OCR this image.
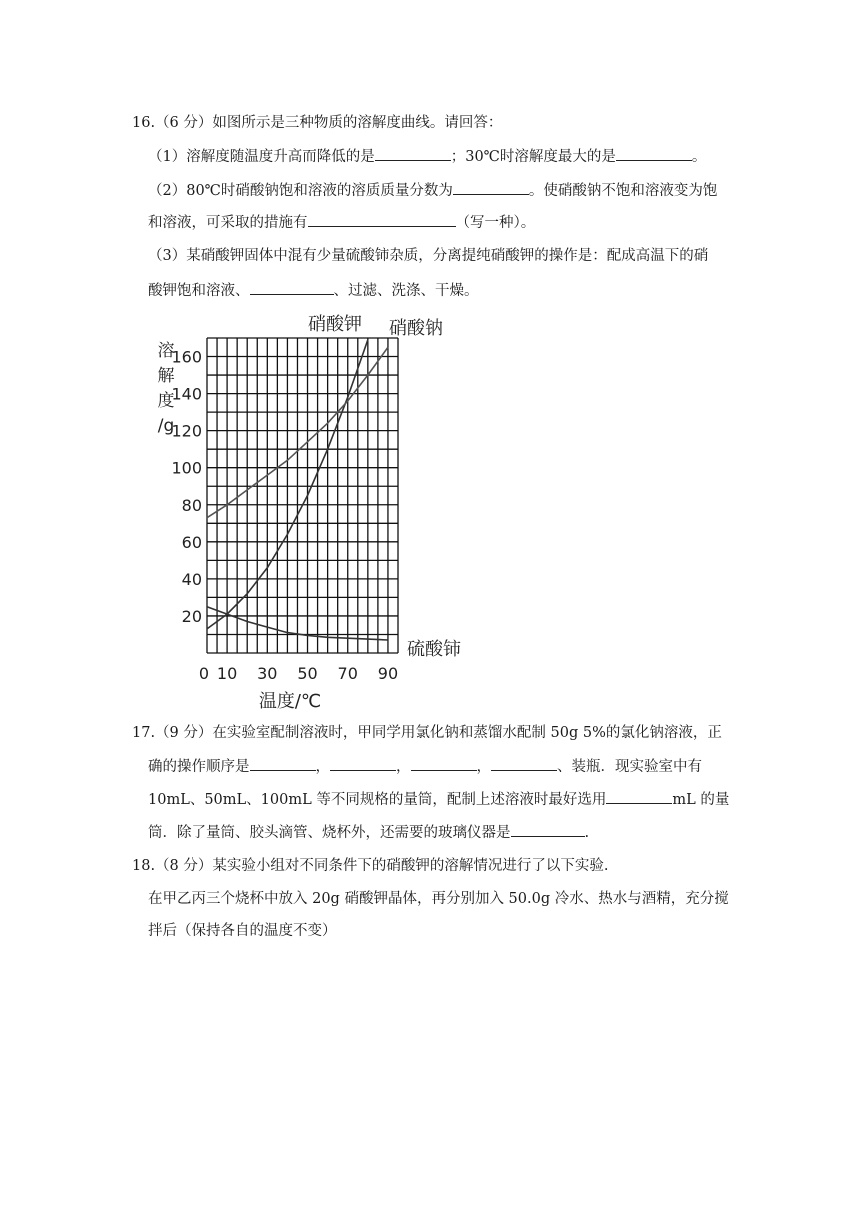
16.（6 分）如图所示是三种物质的溶解度曲线。请回答：
（1）溶解度随温度升高而降低的是	；30℃时溶解度最大的是	。
（2）80℃时硝酸钠饱和溶液的溶质质量分数为	。使硝酸钠不饱和溶液变为饱
和溶液，可采取的措施有	（写一种）。
（3）某硝酸钾固体中混有少量硫酸铈杂质，分离提纯硝酸钾的操作是：配成高温下的硝
酸钾饱和溶液、	、过滤、洗涤、干燥。
20
40
60
80
100
120
140
160
0 10 30 50 70 90
溶
解
度
/g
温度/℃
硝酸钾 硝酸钠
硫酸铈
17.（9 分）在实验室配制溶液时，甲同学用氯化钠和蒸馏水配制 50g 5%的氯化钠溶液，正
确的操作顺序是	，	，	，	、装瓶．现实验室中有
10mL、50mL、100mL 等不同规格的量筒，配制上述溶液时最好选用	mL 的量
筒．除了量筒、胶头滴管、烧杯外，还需要的玻璃仪器是	.
18.（8 分）某实验小组对不同条件下的硝酸钾的溶解情况进行了以下实验.
在甲乙丙三个烧杯中放入 20g 硝酸钾晶体，再分别加入 50.0g 冷水、热水与酒精，充分搅
拌后（保持各自的温度不变）
